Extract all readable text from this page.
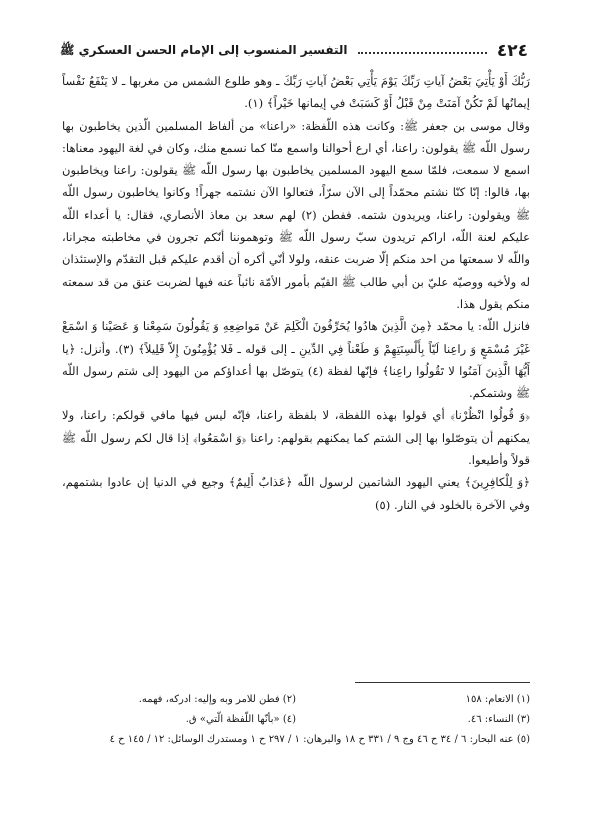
٤٢٤
التفسير المنسوب إلى الإمام الحسن العسكري ﷺ

رَبُّكَ أَوْ يَأْتِيَ بَعْضُ آياتِ رَبِّكَ يَوْمَ يَأْتِي بَعْضُ آياتِ رَبِّكَ ـ وهو طلوع الشمس من مغربها ـ لا يَنْفَعُ نَفْساً إيمانُها لَمْ تَكُنْ آمَنَتْ مِنْ قَبْلُ أَوْ كَسَبَتْ في إيمانها خَيْراً﴾ (١).

وقال موسى بن جعفر ﷺ: وكانت هذه اللّفظة: «راعنا» من ألفاظ المسلمين الّذين يخاطبون بها رسول اللّه ﷺ يقولون: راعنا، أي ارع أحوالنا واسمع منّا كما نسمع منك، وكان في لغة اليهود معناها: اسمع لا سمعت، فلمّا سمع اليهود المسلمين يخاطبون بها رسول اللّه ﷺ يقولون: راعنا ويخاطبون بها، قالوا: إنّا كنّا نشتم محمّداً إلى الآن سرّاً، فتعالوا الآن نشتمه جهراً! وكانوا يخاطبون رسول اللّه ﷺ ويقولون: راعنا، ويريدون شتمه. ففطن (٢) لهم سعد بن معاذ الأنصاري، فقال: يا أعداء اللّه عليكم لعنة اللّه، اراكم تريدون سبّ رسول اللّه ﷺ وتوهموننا أنّكم تجرون في مخاطبته مجرانا، واللّه لا سمعتها من احد منكم إلّا ضربت عنقه، ولولا أنّي أكره أن أقدم عليكم قبل التقدّم والإستئذان له ولأخيه ووصيّه عليّ بن أبي طالب ﷺ القيّم بأمور الأمّة نائباً عنه فيها لضربت عنق من قد سمعته منكم يقول هذا.

فانزل اللّه: يا محمّد ﴿مِنَ الَّذِينَ هادُوا يُحَرِّفُونَ الْكَلِمَ عَنْ مَواضِعِهِ وَ يَقُولُونَ سَمِعْنا وَ عَصَيْنا وَ اسْمَعْ غَيْرَ مُسْمَعٍ وَ راعِنا لَيّاً بِأَلْسِنَتِهِمْ وَ طَعْناً فِي الدِّينِ ـ إلى قوله ـ فَلا يُؤْمِنُونَ إِلاّ قَلِيلاً﴾ (٣). وأنزل: ﴿يا أَيُّهَا الَّذِينَ آمَنُوا لا تَقُولُوا راعِنا﴾ فإنّها لفظة (٤) يتوصّل بها أعداؤكم من اليهود إلى شتم رسول اللّه ﷺ وشتمكم.

﴿وَ قُولُوا انْظُرْنا﴾ أي قولوا بهذه اللفظة، لا بلفظة راعنا، فإنّه ليس فيها مافي قولكم: راعنا، ولا يمكنهم أن يتوصّلوا بها إلى الشتم كما يمكنهم بقولهم: راعنا ﴿وَ اسْمَعُوا﴾ إذا قال لكم رسول اللّه ﷺ قولاً وأطيعوا.

﴿وَ لِلْكافِرِينَ﴾ يعني اليهود الشاتمين لرسول اللّه ﴿عَذابٌ أَلِيمٌ﴾ وجيع في الدنيا إن عادوا بشتمهم، وفي الآخرة بالخلود في النار. (٥)

(١) الانعام: ١٥٨
(٢) فطن للامر وبه وإليه: ادركه، فهمه.
(٣) النساء: ٤٦.
(٤) «بأنّها اللّفظة الّتي» ق.
(٥) عنه البحار: ٦ / ٣٤ ح ٤٦ وج ٩ / ٣٣١ ح ١٨ والبرهان: ١ / ٢٩٧ ح ١ ومستدرك الوسائل: ١٢ / ١٤٥ ح ٤
